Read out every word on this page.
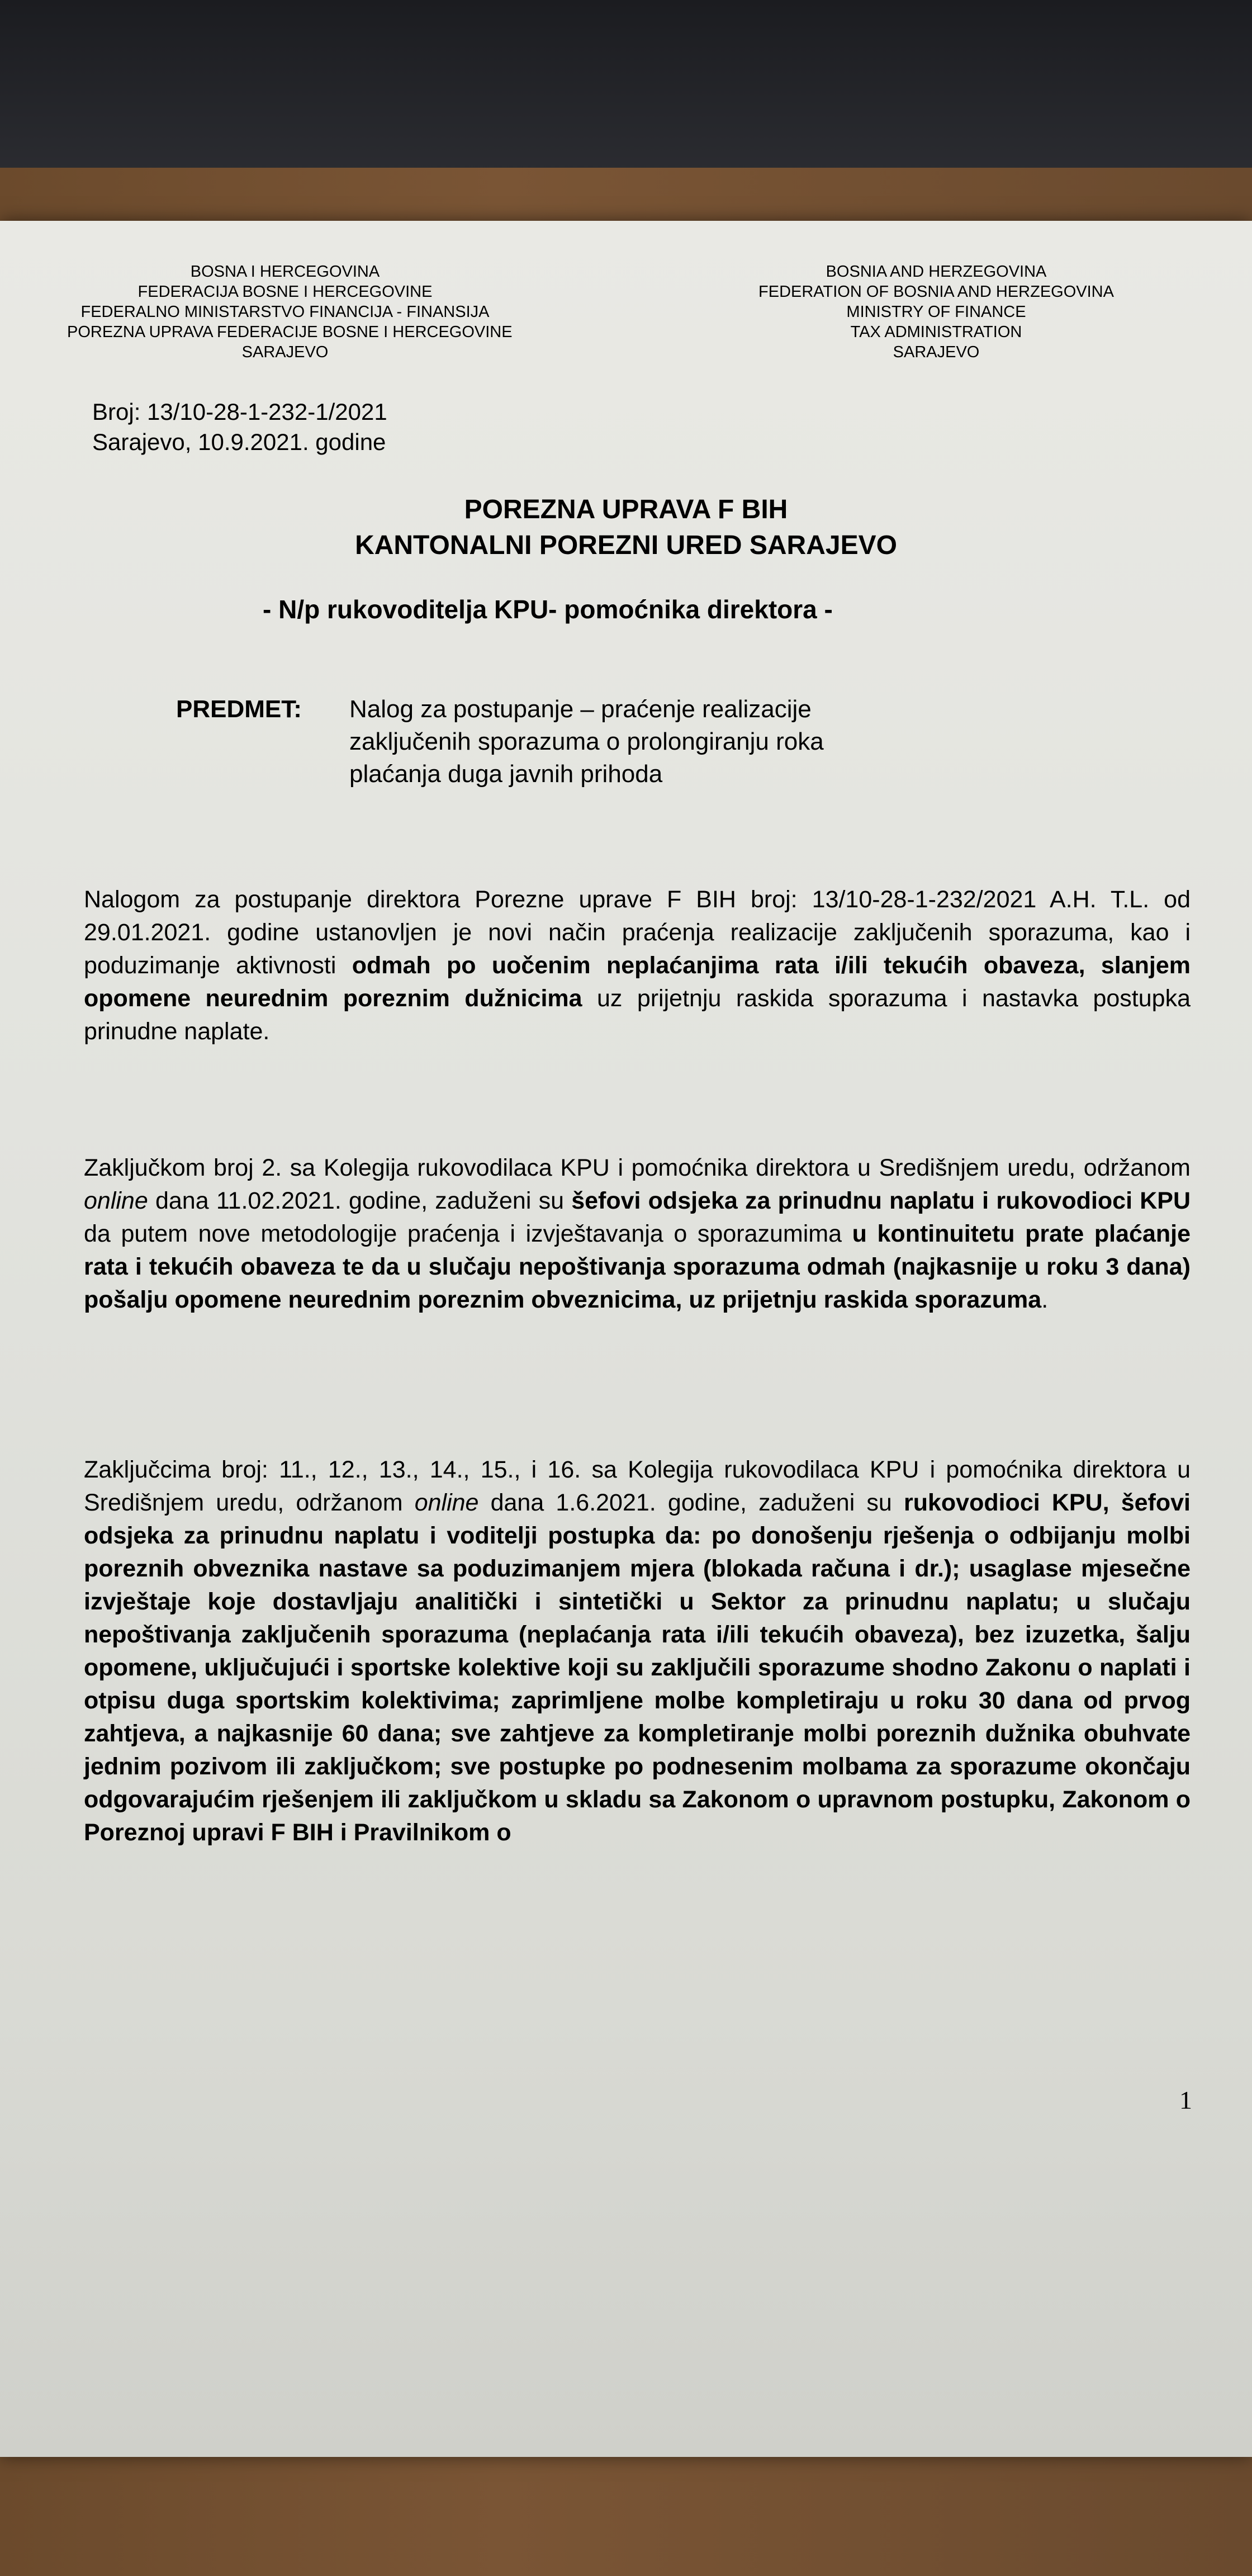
BOSNA I HERCEGOVINA
FEDERACIJA BOSNE I HERCEGOVINE
FEDERALNO MINISTARSTVO FINANCIJA - FINANSIJA
POREZNA UPRAVA FEDERACIJE BOSNE I HERCEGOVINE
SARAJEVO
BOSNIA AND HERZEGOVINA
FEDERATION OF BOSNIA AND HERZEGOVINA
MINISTRY OF FINANCE
TAX ADMINISTRATION
SARAJEVO
Broj: 13/10-28-1-232-1/2021
Sarajevo, 10.9.2021. godine
POREZNA UPRAVA F BIH
KANTONALNI POREZNI URED SARAJEVO
- N/p rukovoditelja KPU- pomoćnika direktora -
PREDMET: Nalog za postupanje – praćenje realizacije
zaključenih sporazuma o prolongiranju roka
plaćanja duga javnih prihoda
Nalogom za postupanje direktora Porezne uprave F BIH broj: 13/10-28-1-232/2021 A.H. T.L. od 29.01.2021. godine ustanovljen je novi način praćenja realizacije zaključenih sporazuma, kao i poduzimanje aktivnosti odmah po uočenim neplaćanjima rata i/ili tekućih obaveza, slanjem opomene neurednim poreznim dužnicima uz prijetnju raskida sporazuma i nastavka postupka prinudne naplate.
Zaključkom broj 2. sa Kolegija rukovodilaca KPU i pomoćnika direktora u Središnjem uredu, održanom online dana 11.02.2021. godine, zaduženi su šefovi odsjeka za prinudnu naplatu i rukovodioci KPU da putem nove metodologije praćenja i izvještavanja o sporazumima u kontinuitetu prate plaćanje rata i tekućih obaveza te da u slučaju nepoštivanja sporazuma odmah (najkasnije u roku 3 dana) pošalju opomene neurednim poreznim obveznicima, uz prijetnju raskida sporazuma.
Zaključcima broj: 11., 12., 13., 14., 15., i 16. sa Kolegija rukovodilaca KPU i pomoćnika direktora u Središnjem uredu, održanom online dana 1.6.2021. godine, zaduženi su rukovodioci KPU, šefovi odsjeka za prinudnu naplatu i voditelji postupka da: po donošenju rješenja o odbijanju molbi poreznih obveznika nastave sa poduzimanjem mjera (blokada računa i dr.); usaglase mjesečne izvještaje koje dostavljaju analitički i sintetički u Sektor za prinudnu naplatu; u slučaju nepoštivanja zaključenih sporazuma (neplaćanja rata i/ili tekućih obaveza), bez izuzetka, šalju opomene, uključujući i sportske kolektive koji su zaključili sporazume shodno Zakonu o naplati i otpisu duga sportskim kolektivima; zaprimljene molbe kompletiraju u roku 30 dana od prvog zahtjeva, a najkasnije 60 dana; sve zahtjeve za kompletiranje molbi poreznih dužnika obuhvate jednim pozivom ili zaključkom; sve postupke po podnesenim molbama za sporazume okončaju odgovarajućim rješenjem ili zaključkom u skladu sa Zakonom o upravnom postupku, Zakonom o Poreznoj upravi F BIH i Pravilnikom o
1
